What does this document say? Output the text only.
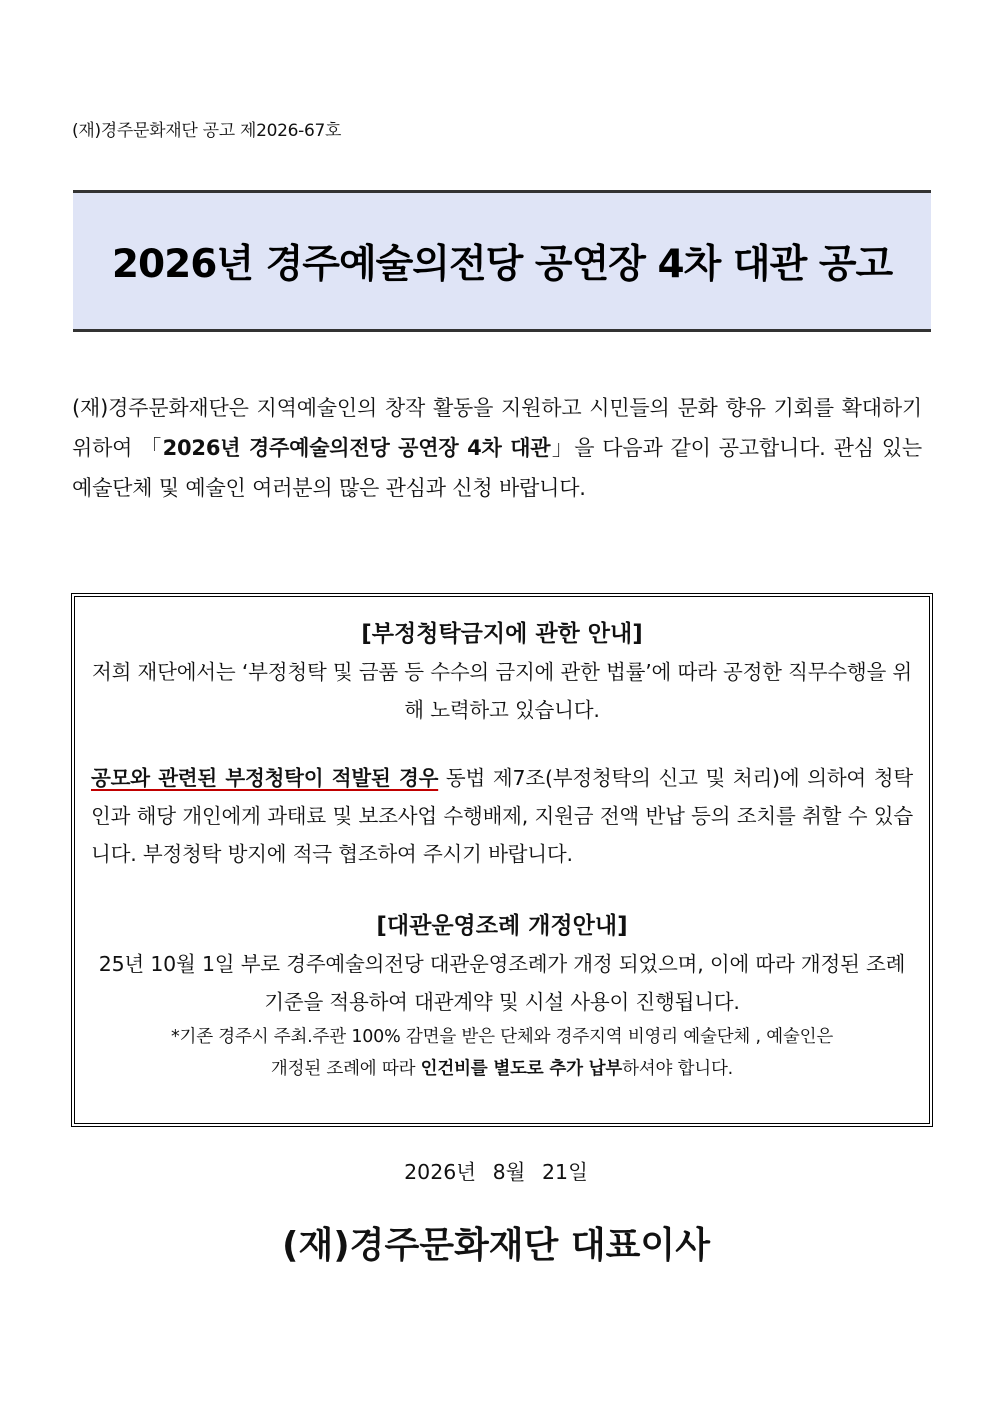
(재)경주문화재단 공고 제2026-67호
2026년 경주예술의전당 공연장 4차 대관 공고
(재)경주문화재단은 지역예술인의 창작 활동을 지원하고 시민들의 문화 향유 기회를 확대하기 위하여 「2026년 경주예술의전당 공연장 4차 대관」을 다음과 같이 공고합니다. 관심 있는 예술단체 및 예술인 여러분의 많은 관심과 신청 바랍니다.
[부정청탁금지에 관한 안내]
저희 재단에서는 ‘부정청탁 및 금품 등 수수의 금지에 관한 법률’에 따라 공정한 직무수행을 위해 노력하고 있습니다.
공모와 관련된 부정청탁이 적발된 경우 동법 제7조(부정청탁의 신고 및 처리)에 의하여 청탁인과 해당 개인에게 과태료 및 보조사업 수행배제, 지원금 전액 반납 등의 조치를 취할 수 있습니다. 부정청탁 방지에 적극 협조하여 주시기 바랍니다.
[대관운영조례 개정안내]
25년 10월 1일 부로 경주예술의전당 대관운영조례가 개정 되었으며, 이에 따라 개정된 조례 기준을 적용하여 대관계약 및 시설 사용이 진행됩니다.
*기존 경주시 주최.주관 100% 감면을 받은 단체와 경주지역 비영리 예술단체 , 예술인은
개정된 조례에 따라 인건비를 별도로 추가 납부하셔야 합니다.
2026년 8월 21일
(재)경주문화재단 대표이사
